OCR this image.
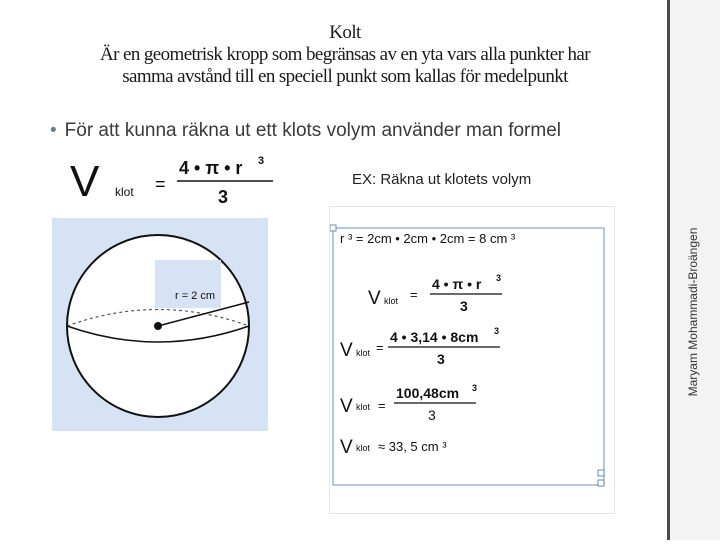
Maryam Mohammadi-Broängen
Kolt
Är en geometrisk kropp som begränsas av en yta vars alla punkter har
samma avstånd till en speciell punkt som kallas för medelpunkt
• För att kunna räkna ut ett klots volym använder man formel
V klot =
4 • π • r 3
3
EX: Räkna ut klotets volym
r = 2 cm
r ³ = 2cm • 2cm • 2cm = 8 cm ³
V klot =
4 • π • r 3
3
V klot =
4 • 3,14 • 8cm 3
3
V klot =
100,48cm 3
3
V klot ≈ 33, 5 cm ³
